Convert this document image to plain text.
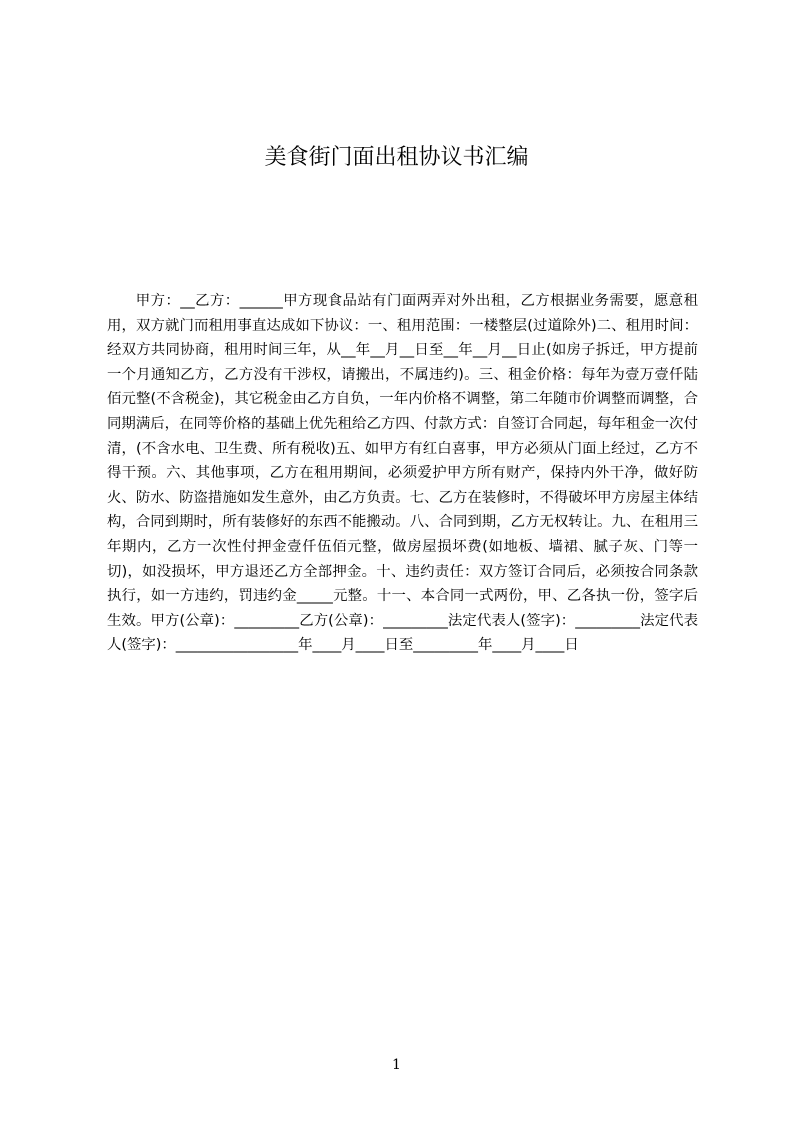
美食街门面出租协议书汇编

甲方：__乙方：______甲方现食品站有门面两弄对外出租，乙方根据业务需要，愿意租用，双方就门而租用事直达成如下协议：一、租用范围：一楼整层(过道除外)二、租用时间：经双方共同协商，租用时间三年，从__年__月__日至__年__月__日止(如房子拆迁，甲方提前一个月通知乙方，乙方没有干涉权，请搬出，不属违约)。三、租金价格：每年为壹万壹仟陆佰元整(不含税金)，其它税金由乙方自负，一年内价格不调整，第二年随市价调整而调整，合同期满后，在同等价格的基础上优先租给乙方四、付款方式：自签订合同起，每年租金一次付清，(不含水电、卫生费、所有税收)五、如甲方有红白喜事，甲方必须从门面上经过，乙方不得干预。六、其他事项，乙方在租用期间，必须爱护甲方所有财产，保持内外干净，做好防火、防水、防盗措施如发生意外，由乙方负责。七、乙方在装修时，不得破坏甲方房屋主体结构，合同到期时，所有装修好的东西不能搬动。八、合同到期，乙方无权转让。九、在租用三年期内，乙方一次性付押金壹仟伍佰元整，做房屋损坏费(如地板、墙裙、腻子灰、门等一切)，如没损坏，甲方退还乙方全部押金。十、违约责任：双方签订合同后，必须按合同条款执行，如一方违约，罚违约金_____元整。十一、本合同一式两份，甲、乙各执一份，签字后生效。甲方(公章)：_________乙方(公章)：_________法定代表人(签字)：_________法定代表人(签字)：_________________年____月____日至_________年____月____日

1
